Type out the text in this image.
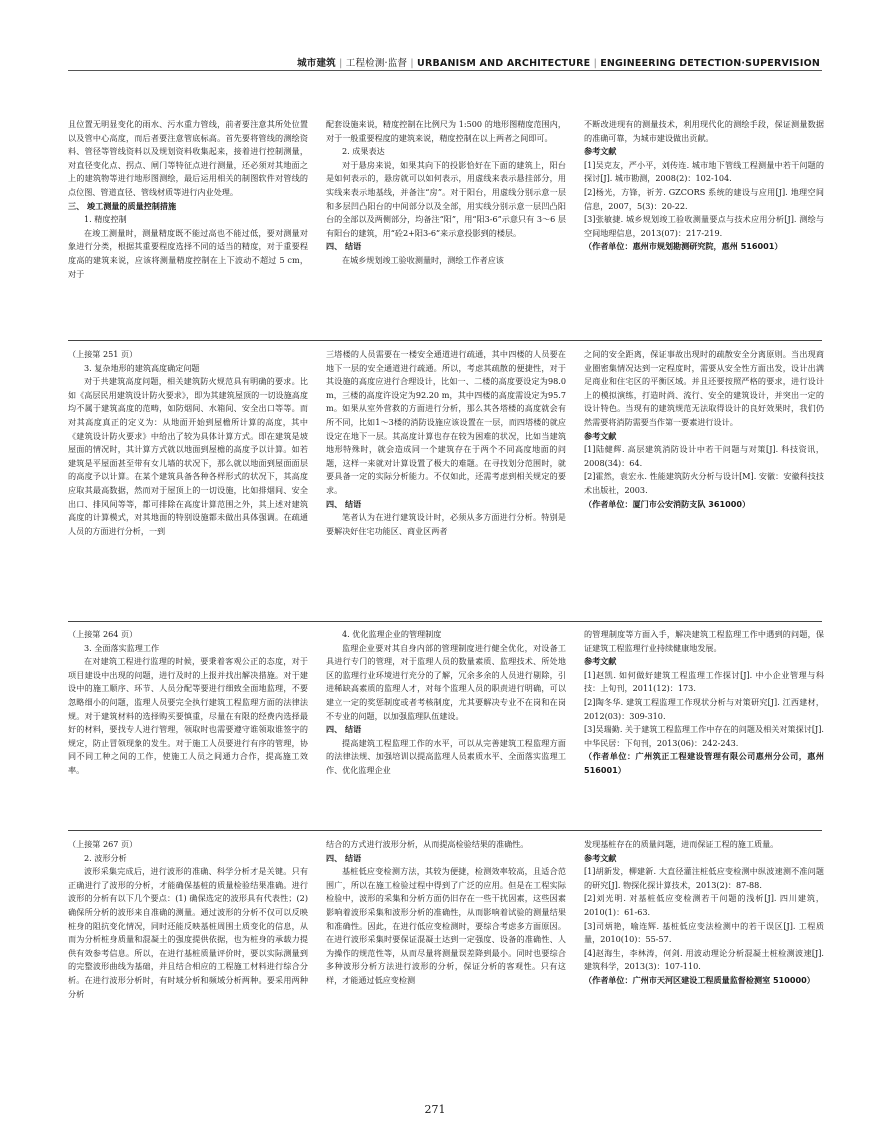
城市建筑 | 工程检测·监督 | URBANISM AND ARCHITECTURE | ENGINEERING DETECTION·SUPERVISION

且位置无明显变化的雨水、污水重力管线，前者要注意其所处位置以及管中心高度，而后者要注意管底标高。首先要将管线的测绘资料、管径等管线资料以及规划资料收集起来，接着进行控制测量，对直径变化点、拐点、闸门等特征点进行测量，还必须对其地面之上的建筑物等进行地形图测绘，最后运用相关的制图软件对管线的点位图、管道直径、管线材质等进行内业处理。

三、 竣工测量的质量控制措施

1. 精度控制

在竣工测量时，测量精度既不能过高也不能过低，要对测量对象进行分类，根据其重要程度选择不同的适当的精度，对于重要程度高的建筑来说，应该将测量精度控制在上下波动不超过 5 cm，对于

配套设施来说，精度控制在比例尺为 1:500 的地形图精度范围内，对于一般重要程度的建筑来说，精度控制在以上两者之间即可。

2. 成果表达

对于悬房来说，如果其向下的投影恰好在下面的建筑上，阳台是如何表示的，悬房就可以如何表示，用虚线来表示悬挂部分，用实线来表示地基线，并备注“房”。对于阳台，用虚线分别示意一层和多层凹凸阳台的中间部分以及全部，用实线分别示意一层凹凸阳台的全部以及两侧部分，均备注“阳”，用“阳3-6”示意只有 3～6 层有阳台的建筑，用“砼2+阳3-6”来示意投影到的楼层。

四、 结语

在城乡规划竣工验收测量时，测绘工作者应该

不断改进现有的测量技术，利用现代化的测绘手段，保证测量数据的准确可靠，为城市建设做出贡献。

参考文献

[1]吴克友，严小平，刘传连. 城市地下管线工程测量中若干问题的探讨[J]. 城市勘测，2008(2)：102-104.

[2]杨光，方锋，祈芳. GZCORS 系统的建设与应用[J]. 地理空间信息，2007，5(3)：20-22.

[3]张敏捷. 城乡规划竣工验收测量要点与技术应用分析[J]. 测绘与空间地理信息，2013(07)：217-219.

（作者单位：惠州市规划勘测研究院，惠州 516001）

（上接第 251 页）

3. 复杂地形的建筑高度确定问题

对于共建筑高度问题，相关建筑防火规范具有明确的要求。比如《高层民用建筑设计防火要求》，即为其建筑屋顶的一切设施高度均不属于建筑高度的范畴，如防烟间、水箱间、安全出口等等。而对其高度真正的定义为：从地面开始到屋檐所计算的高度，其中《建筑设计防火要求》中给出了较为具体计算方式。即在建筑是坡屋面的情况时，其计算方式就以地面到屋檐的高度予以计算。如若建筑是平屋面甚至带有女儿墙的状况下，那么就以地面到屋面面层的高度予以计算。在某个建筑具备各种各样形式的状况下，其高度应取其最高数据，然而对于屋顶上的一切设施，比如排烟间、安全出口、排风间等等，都可排除在高度计算范围之外，其上述对建筑高度的计算模式，对其地面的特别设施都未做出具体强调。在疏通人员的方面进行分析，一到

三塔楼的人员需要在一楼安全通道进行疏通，其中四楼的人员要在地下一层的安全通道进行疏通。所以，考虑其疏散的便捷性，对于其设施的高度应进行合理设计，比如一、二楼的高度要设定为98.0 m，三楼的高度许设定为92.20 m，其中四楼的高度需设定为95.7 m。如果从室外营救的方面进行分析，那么其各塔楼的高度就会有所不同，比如1～3楼的消防设施应该设置在一层，而四塔楼的就应设定在地下一层。其高度计算也存在较为困难的状况，比如当建筑地形特殊时，就会造成同一个建筑存在于两个不同高度地面的问题，这样一来就对计算设置了极大的难题。在寻找划分范围时，就要具备一定的实际分析能力。不仅如此，还需考虑到相关规定的要求。

四、 结语

笔者认为在进行建筑设计时，必须从多方面进行分析。特别是要解决好住宅功能区、商业区两者

之间的安全距离，保证事故出现时的疏散安全分离原则。当出现商业圈密集情况达到一定程度时，需要从安全性方面出发，设计出满足商业和住宅区的平衡区域。并且还要按照严格的要求，进行设计上的模拟演练，打造时尚、流行、安全的建筑设计，并突出一定的设计特色。当现有的建筑规范无法取得设计的良好效果时，我们仍然需要将消防需要当作第一要素进行设计。

参考文献

[1]陆健辉. 高层建筑消防设计中若干问题与对策[J]. 科技资讯，2008(34)：64.

[2]霍然，袁宏永. 性能建筑防火分析与设计[M]. 安徽：安徽科技技术出版社，2003.

（作者单位：厦门市公安消防支队 361000）

（上接第 264 页）

3. 全面落实监理工作

在对建筑工程进行监理的时候，要秉着客观公正的态度，对于项目建设中出现的问题，进行及时的上报并找出解决措施。对于建设中的施工顺序、环节、人员分配等要进行细致全面地监理，不要忽略细小的问题，监理人员要完全执行建筑工程监理方面的法律法规。对于建筑材料的选择购买要慎重，尽量在有限的经费内选择最好的材料，要找专人进行管理，领取时也需要遵守谁领取谁签字的规定，防止冒领现象的发生。对于施工人员要进行有序的管理，协同不同工种之间的工作，使施工人员之间通力合作，提高施工效率。

4. 优化监理企业的管理制度

监理企业要对其自身内部的管理制度进行健全优化，对设备工具进行专门的管理，对于监理人员的数量素质、监理技术、所处地区的监理行业环境进行充分的了解，冗余多余的人员进行剔除，引进稀缺高素质的监理人才，对每个监理人员的职责进行明确，可以建立一定的奖惩制度或者考核制度，尤其要解决专业不在岗和在岗不专业的问题，以加强监理队伍建设。

四、 结语

提高建筑工程监理工作的水平，可以从完善建筑工程监理方面的法律法规、加强培训以提高监理人员素质水平、全面落实监理工作、优化监理企业

的管理制度等方面入手，解决建筑工程监理工作中遇到的问题，保证建筑工程监理行业持续健康地发展。

参考文献

[1]赵凯. 如何做好建筑工程监理工作探讨[J]. 中小企业管理与科技：上旬刊，2011(12)：173.

[2]陶冬华. 建筑工程监理工作现状分析与对策研究[J]. 江西建材，2012(03)：309-310.

[3]吴瑞勤. 关于建筑工程监理工作中存在的问题及相关对策探讨[J]. 中华民居：下旬刊，2013(06)：242-243.

（作者单位：广州筑正工程建设管理有限公司惠州分公司，惠州 516001）

（上接第 267 页）

2. 波形分析

波形采集完成后，进行波形的准确、科学分析才是关键。只有正确进行了波形的分析，才能确保基桩的质量检验结果准确。进行波形的分析有以下几个要点：(1) 确保选定的波形具有代表性；(2) 确保所分析的波形来自准确的测量。通过波形的分析不仅可以反映桩身的阻抗变化情况，同时还能反映基桩周围土质变化的信息，从而为分析桩身质量和混凝土的强度提供依据，也为桩身的承载力提供有效参考信息。所以，在进行基桩质量评价时，要以实际测量到的完整波形曲线为基础，并且结合相应的工程施工材料进行综合分析。在进行波形分析时，有时域分析和频域分析两种。要采用两种分析

结合的方式进行波形分析，从而提高检验结果的准确性。

四、 结语

基桩低应变检测方法，其较为便捷，检测效率较高，且适合范围广，所以在施工检验过程中得到了广泛的应用。但是在工程实际检验中，波形的采集和分析方面仍旧存在一些干扰因素，这些因素影响着波形采集和波形分析的准确性，从而影响着试验的测量结果和准确性。因此，在进行低应变检测时，要综合考虑多方面原因。在进行波形采集时要保证混凝土达到一定强度、设备的准确性、人为操作的规范性等，从而尽量将测量误差降到最小。同时也要综合多种波形分析方法进行波形的分析，保证分析的客观性。只有这样，才能通过低应变检测

发现基桩存在的质量问题，进而保证工程的施工质量。

参考文献

[1]胡新发，柳建新. 大直径灌注桩低应变检测中纵波速测不准问题的研究[J]. 物探化探计算技术，2013(2)：87-88.

[2]刘光明. 对基桩低应变检测若干问题的浅析[J]. 四川建筑，2010(1)：61-63.

[3]司炳艳，喻连辉. 基桩低应变法检测中的若干误区[J]. 工程质量，2010(10)：55-57.

[4]赵海生，李林涛，何剑. 用波动理论分析混凝土桩检测波速[J]. 建筑科学，2013(3)：107-110.

（作者单位：广州市天河区建设工程质量监督检测室 510000）

271
